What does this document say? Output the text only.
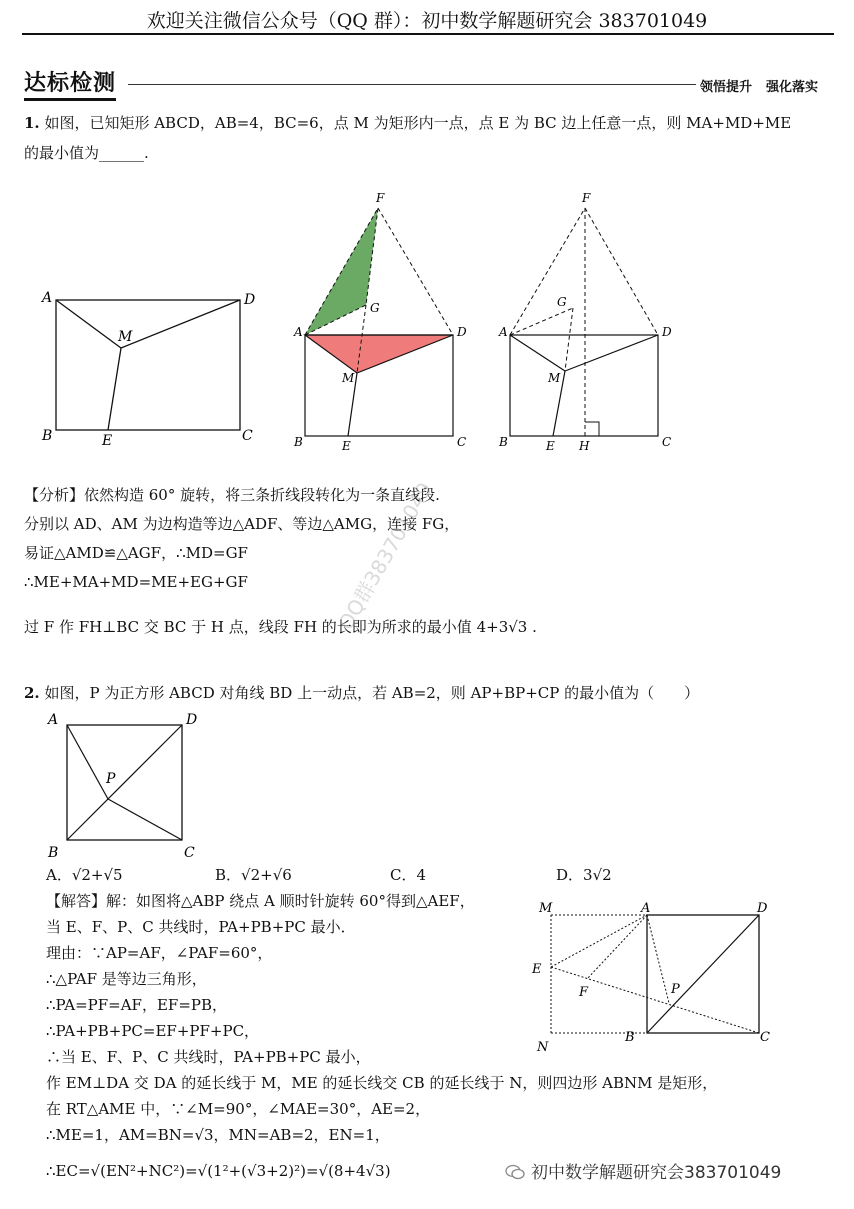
欢迎关注微信公众号（QQ 群）：初中数学解题研究会 383701049
达标检测	领悟提升 强化落实
1. 如图，已知矩形 ABCD，AB=4，BC=6，点 M 为矩形内一点，点 E 为 BC 边上任意一点，则 MA+MD+ME
的最小值为______.
A	D
M
B	C
E
F
G
A	D
M
B	C
E
F
G
A	D
M
B	C
E H
【分析】依然构造 60° 旋转，将三条折线段转化为一条直线段.
分别以 AD、AM 为边构造等边△ADF、等边△AMG，连接 FG，
易证△AMD≌△AGF，∴MD=GF
∴ME+MA+MD=ME+EG+GF
过 F 作 FH⊥BC 交 BC 于 H 点，线段 FH 的长即为所求的最小值 4+3√3 .
QQ群383701049
2. 如图，P 为正方形 ABCD 对角线 BD 上一动点，若 AB=2，则 AP+BP+CP 的最小值为（　　）
A	D
P
B	C
A．√2+√5	B．√2+√6	C．4	D．3√2
M	A	D
E
F	P
N
B	C
【解答】解：如图将△ABP 绕点 A 顺时针旋转 60°得到△AEF，
当 E、F、P、C 共线时，PA+PB+PC 最小．
理由：∵AP=AF，∠PAF=60°，
∴△PAF 是等边三角形，
∴PA=PF=AF，EF=PB，
∴PA+PB+PC=EF+PF+PC，
∴当 E、F、P、C 共线时，PA+PB+PC 最小，
作 EM⊥DA 交 DA 的延长线于 M，ME 的延长线交 CB 的延长线于 N，则四边形 ABNM 是矩形，
在 RT△AME 中，∵∠M=90°，∠MAE=30°，AE=2，
∴ME=1，AM=BN=√3，MN=AB=2，EN=1，
∴EC=√(EN²+NC²)=√(1²+(√3+2)²)=√(8+4√3)	初中数学解题研究会383701049
